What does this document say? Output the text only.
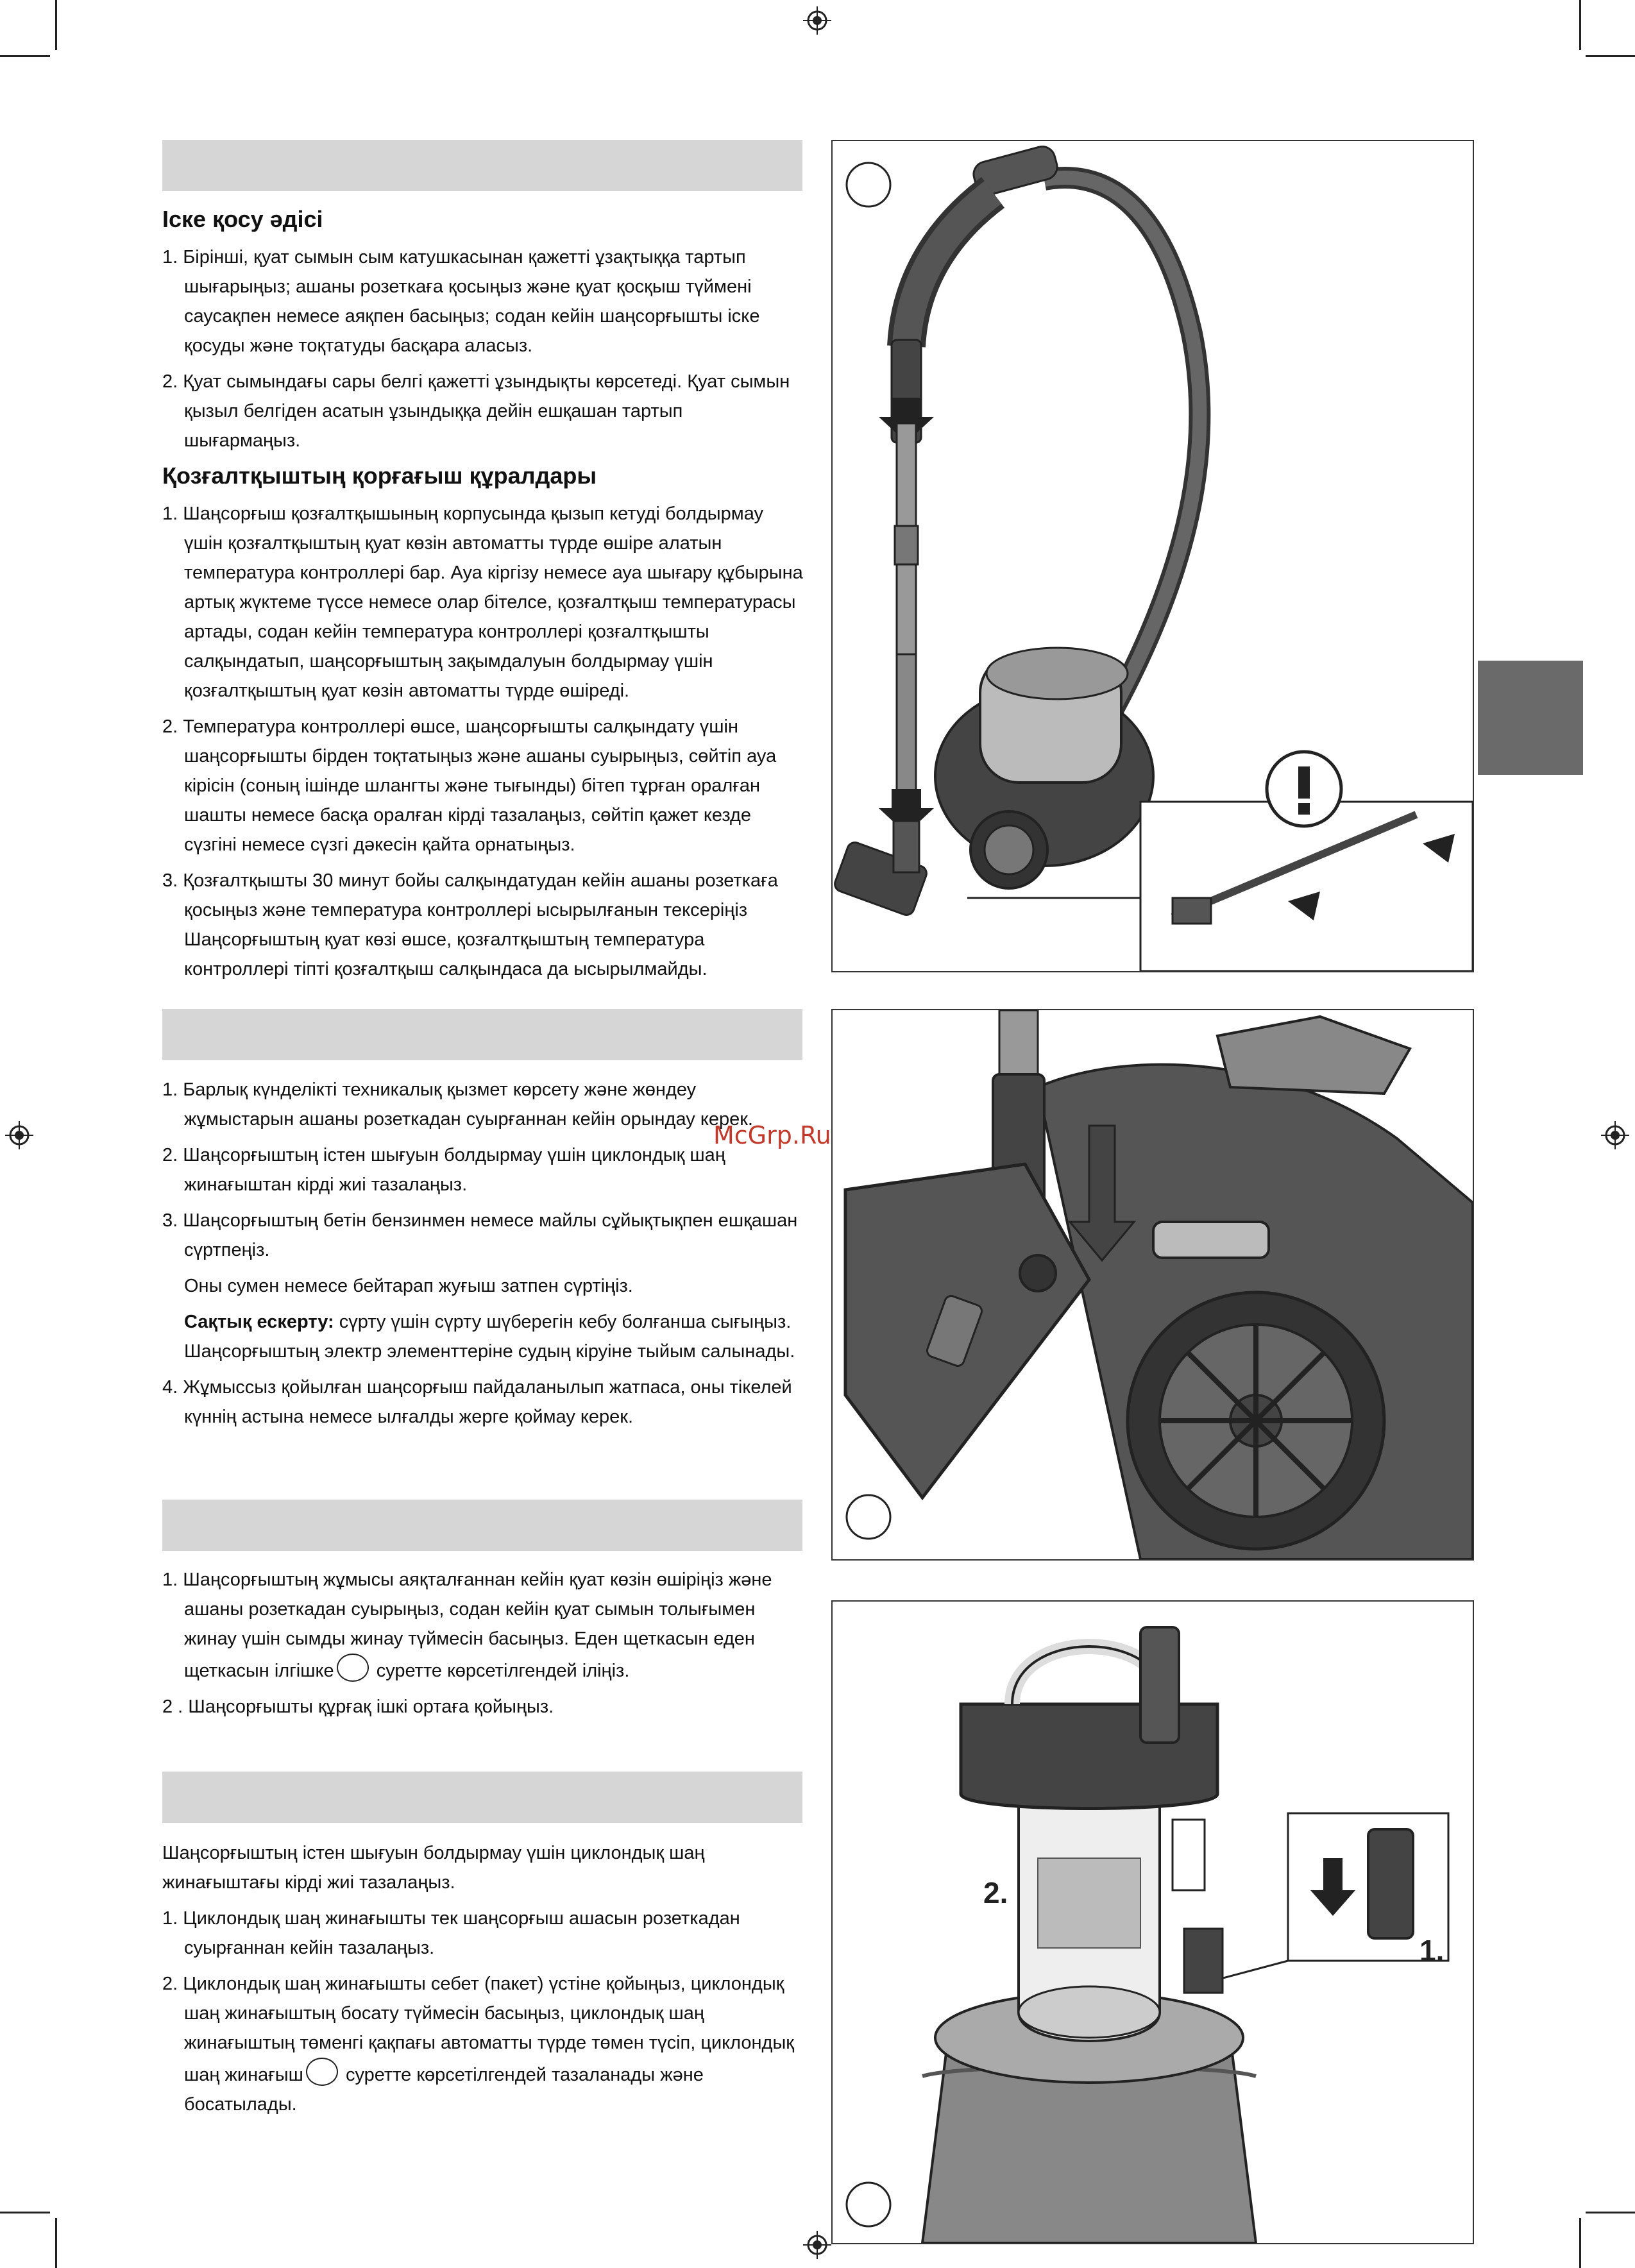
Іске қосу әдісі

1. Бірінші, қуат сымын сым катушкасынан қажетті ұзақтыққа тартып шығарыңыз; ашаны розеткаға қосыңыз және қуат қосқыш түймені саусақпен немесе аяқпен басыңыз; содан кейін шаңсорғышты іске қосуды және тоқтатуды басқара аласыз.

2. Қуат сымындағы сары белгі қажетті ұзындықты көрсетеді. Қуат сымын қызыл белгіден асатын ұзындыққа дейін ешқашан тартып шығармаңыз.

Қозғалтқыштың қорғағыш құралдары

1. Шаңсорғыш қозғалтқышының корпусында қызып кетуді болдырмау үшін қозғалтқыштың қуат көзін автоматты түрде өшіре алатын температура контроллері бар. Ауа кіргізу немесе ауа шығару құбырына артық жүктеме түссе немесе олар бітелсе, қозғалтқыш температурасы артады, содан кейін температура контроллері қозғалтқышты салқындатып, шаңсорғыштың зақымдалуын болдырмау үшін қозғалтқыштың қуат көзін автоматты түрде өшіреді.

2. Температура контроллері өшсе, шаңсорғышты салқындату үшін шаңсорғышты бірден тоқтатыңыз және ашаны суырыңыз, сөйтіп ауа кірісін (соның ішінде шлангты және тығынды) бітеп тұрған оралған шашты немесе басқа оралған кірді тазалаңыз, сөйтіп қажет кезде сүзгіні немесе сүзгі дәкесін қайта орнатыңыз.

3. Қозғалтқышты 30 минут бойы салқындатудан кейін ашаны розеткаға қосыңыз және температура контроллері ысырылғанын тексеріңіз Шаңсорғыштың қуат көзі өшсе, қозғалтқыштың температура контроллері тіпті қозғалтқыш салқындаса да ысырылмайды.

1. Барлық күнделікті техникалық қызмет көрсету және жөндеу жұмыстарын ашаны розеткадан суырғаннан кейін орындау керек.

2. Шаңсорғыштың істен шығуын болдырмау үшін циклондық шаң жинағыштан кірді жиі тазалаңыз.

3. Шаңсорғыштың бетін бензинмен немесе майлы сұйықтықпен ешқашан сүртпеңіз.

Оны сумен немесе бейтарап жуғыш затпен сүртіңіз.

Сақтық ескерту: сүрту үшін сүрту шүберегін кебу болғанша сығыңыз. Шаңсорғыштың электр элементтеріне судың кіруіне тыйым салынады.

4. Жұмыссыз қойылған шаңсорғыш пайдаланылып жатпаса, оны тікелей күннің астына немесе ылғалды жерге қоймау керек.

1. Шаңсорғыштың жұмысы аяқталғаннан кейін қуат көзін өшіріңіз және ашаны розеткадан суырыңыз, содан кейін қуат сымын толығымен жинау үшін сымды жинау түймесін басыңыз. Еден щеткасын еден щеткасын ілгішке суретте көрсетілгендей іліңіз.

2 . Шаңсорғышты құрғақ ішкі ортаға қойыңыз.

Шаңсорғыштың істен шығуын болдырмау үшін циклондық шаң жинағыштағы кірді жиі тазалаңыз.

1. Циклондық шаң жинағышты тек шаңсорғыш ашасын розеткадан суырғаннан кейін тазалаңыз.

2. Циклондық шаң жинағышты себет (пакет) үстіне қойыңыз, циклондық шаң жинағыштың босату түймесін басыңыз, циклондық шаң жинағыштың төменгі қақпағы автоматты түрде төмен түсіп, циклондық шаң жинағыш суретте көрсетілгендей тазаланады және босатылады.

2.
1.
McGrp.Ru
